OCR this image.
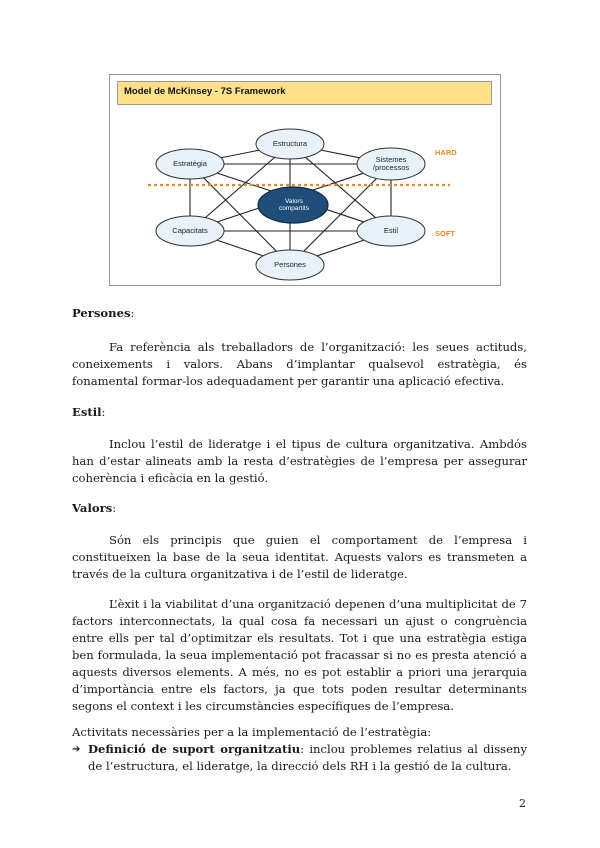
Model de McKinsey - 7S Framework
Estructura
Estratègia	Sistemes
/processos
Valors
compartits
Capacitats	Estil
Persones
HARD
SOFT
Persones:

Fa referència als treballadors de l’organització: les seues actituds, coneixements i valors. Abans d’implantar qualsevol estratègia, és fonamental formar-los adequadament per garantir una aplicació efectiva.

Estil:

Inclou l’estil de lideratge i el tipus de cultura organitzativa. Ambdós han d’estar alineats amb la resta d’estratègies de l’empresa per assegurar coherència i eficàcia en la gestió.

Valors:

Són els principis que guien el comportament de l’empresa i constitueixen la base de la seua identitat. Aquests valors es transmeten a través de la cultura organitzativa i de l’estil de lideratge.

L’èxit i la viabilitat d’una organització depenen d’una multiplicitat de 7 factors interconnectats, la qual cosa fa necessari un ajust o congruència entre ells per tal d’optimitzar els resultats. Tot i que una estratègia estiga ben formulada, la seua implementació pot fracassar si no es presta atenció a aquests diversos elements. A més, no es pot establir a priori una jerarquia d’importància entre els factors, ja que tots poden resultar determinants segons el context i les circumstàncies específiques de l’empresa.

Activitats necessàries per a la implementació de l’estratègia:

➔ Definició de suport organitzatiu: inclou problemes relatius al disseny de l’estructura, el lideratge, la direcció dels RH i la gestió de la cultura.
2
